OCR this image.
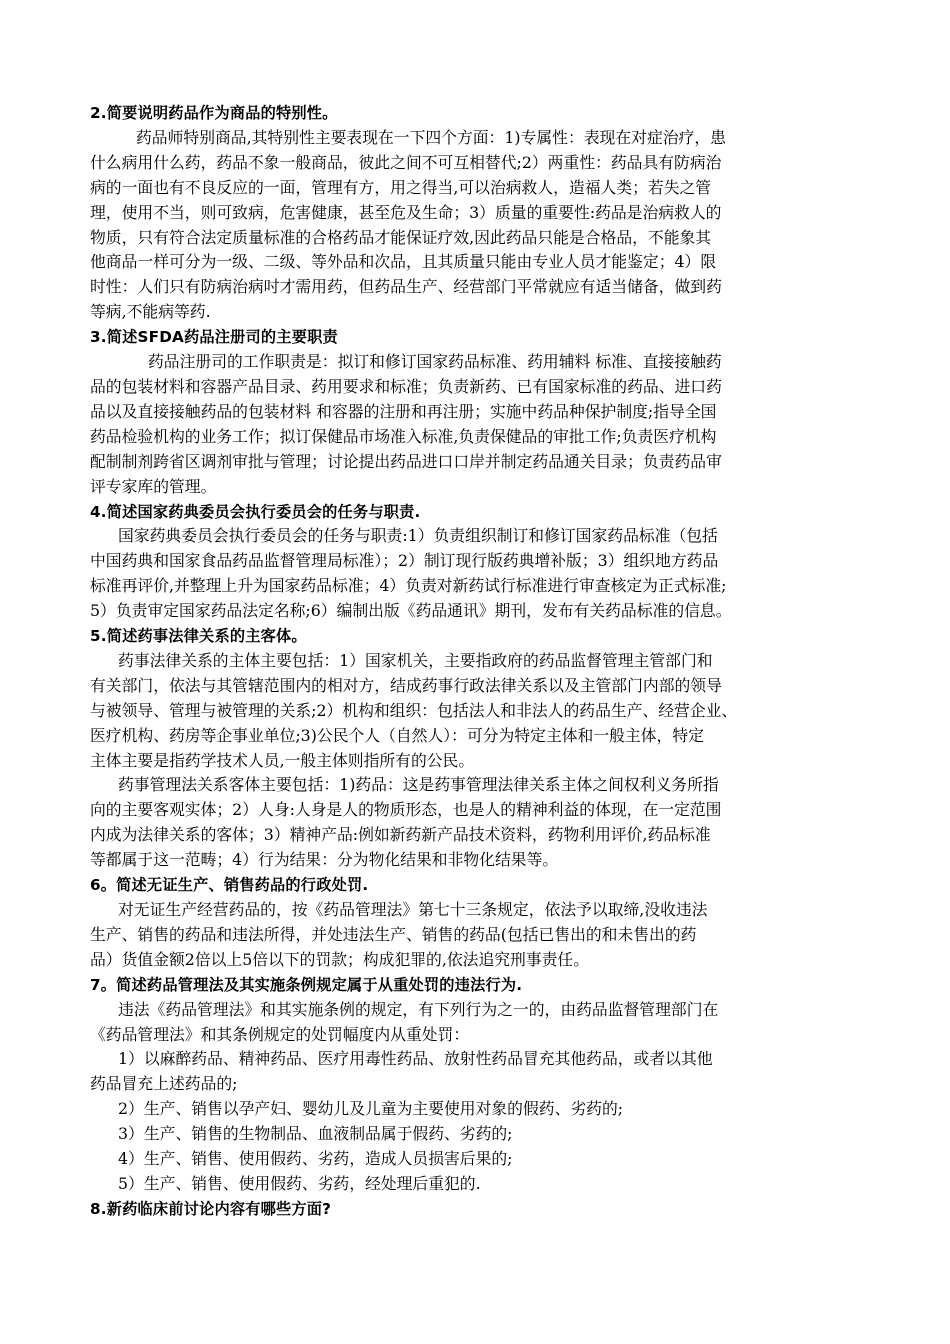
2.简要说明药品作为商品的特别性。
药品师特别商品,其特别性主要表现在一下四个方面：1)专属性：表现在对症治疗，患
什么病用什么药，药品不象一般商品，彼此之间不可互相替代;2）两重性：药品具有防病治
病的一面也有不良反应的一面，管理有方，用之得当,可以治病救人，造福人类；若失之管
理，使用不当，则可致病，危害健康，甚至危及生命；3）质量的重要性:药品是治病救人的
物质，只有符合法定质量标准的合格药品才能保证疗效,因此药品只能是合格品，不能象其
他商品一样可分为一级、二级、等外品和次品，且其质量只能由专业人员才能鉴定；4）限
时性：人们只有防病治病吋才需用药，但药品生产、经营部门平常就应有适当储备，做到药
等病,不能病等药.
3.简述SFDA药品注册司的主要职责
药品注册司的工作职责是：拟订和修订国家药品标准、药用辅料 标准、直接接触药
品的包装材料和容器产品目录、药用要求和标准；负责新药、已有国家标准的药品、进口药
品以及直接接触药品的包装材料 和容器的注册和再注册；实施中药品种保护制度;指导全国
药品检验机构的业务工作；拟订保健品市场准入标准,负责保健品的审批工作;负责医疗机构
配制制剂跨省区调剂审批与管理；讨论提出药品进口口岸并制定药品通关目录；负责药品审
评专家库的管理。
4.简述国家药典委员会执行委员会的任务与职责.
国家药典委员会执行委员会的任务与职责:1）负责组织制订和修订国家药品标准（包括
中国药典和国家食品药品监督管理局标准）；2）制订现行版药典增补版；3）组织地方药品
标准再评价,并整理上升为国家药品标准；4）负责对新药试行标准进行审查核定为正式标准;
5）负责审定国家药品法定名称;6）编制出版《药品通讯》期刊，发布有关药品标准的信息。
5.简述药事法律关系的主客体。
药事法律关系的主体主要包括：1）国家机关，主要指政府的药品监督管理主管部门和
有关部门，依法与其管辖范围内的相对方，结成药事行政法律关系以及主管部门内部的领导
与被领导、管理与被管理的关系;2）机构和组织：包括法人和非法人的药品生产、经营企业、
医疗机构、药房等企事业单位;3)公民个人（自然人）：可分为特定主体和一般主体，特定
主体主要是指药学技术人员,一般主体则指所有的公民。
药事管理法关系客体主要包括：1)药品：这是药事管理法律关系主体之间权利义务所指
向的主要客观实体；2）人身:人身是人的物质形态，也是人的精神利益的体现，在一定范围
内成为法律关系的客体；3）精神产品:例如新药新产品技术资料，药物利用评价,药品标准
等都属于这一范畴；4）行为结果：分为物化结果和非物化结果等。
6。简述无证生产、销售药品的行政处罚.
对无证生产经营药品的，按《药品管理法》第七十三条规定，依法予以取缔,没收违法
生产、销售的药品和违法所得，并处违法生产、销售的药品(包括已售出的和未售出的药
品）货值金额2倍以上5倍以下的罚款；构成犯罪的,依法追究刑事责任。
7。简述药品管理法及其实施条例规定属于从重处罚的违法行为.
违法《药品管理法》和其实施条例的规定，有下列行为之一的，由药品监督管理部门在
《药品管理法》和其条例规定的处罚幅度内从重处罚：
1）以麻醉药品、精神药品、医疗用毒性药品、放射性药品冒充其他药品，或者以其他
药品冒充上述药品的;
2）生产、销售以孕产妇、婴幼儿及儿童为主要使用对象的假药、劣药的;
3）生产、销售的生物制品、血液制品属于假药、劣药的;
4）生产、销售、使用假药、劣药，造成人员损害后果的;
5）生产、销售、使用假药、劣药，经处理后重犯的.
8.新药临床前讨论内容有哪些方面?
